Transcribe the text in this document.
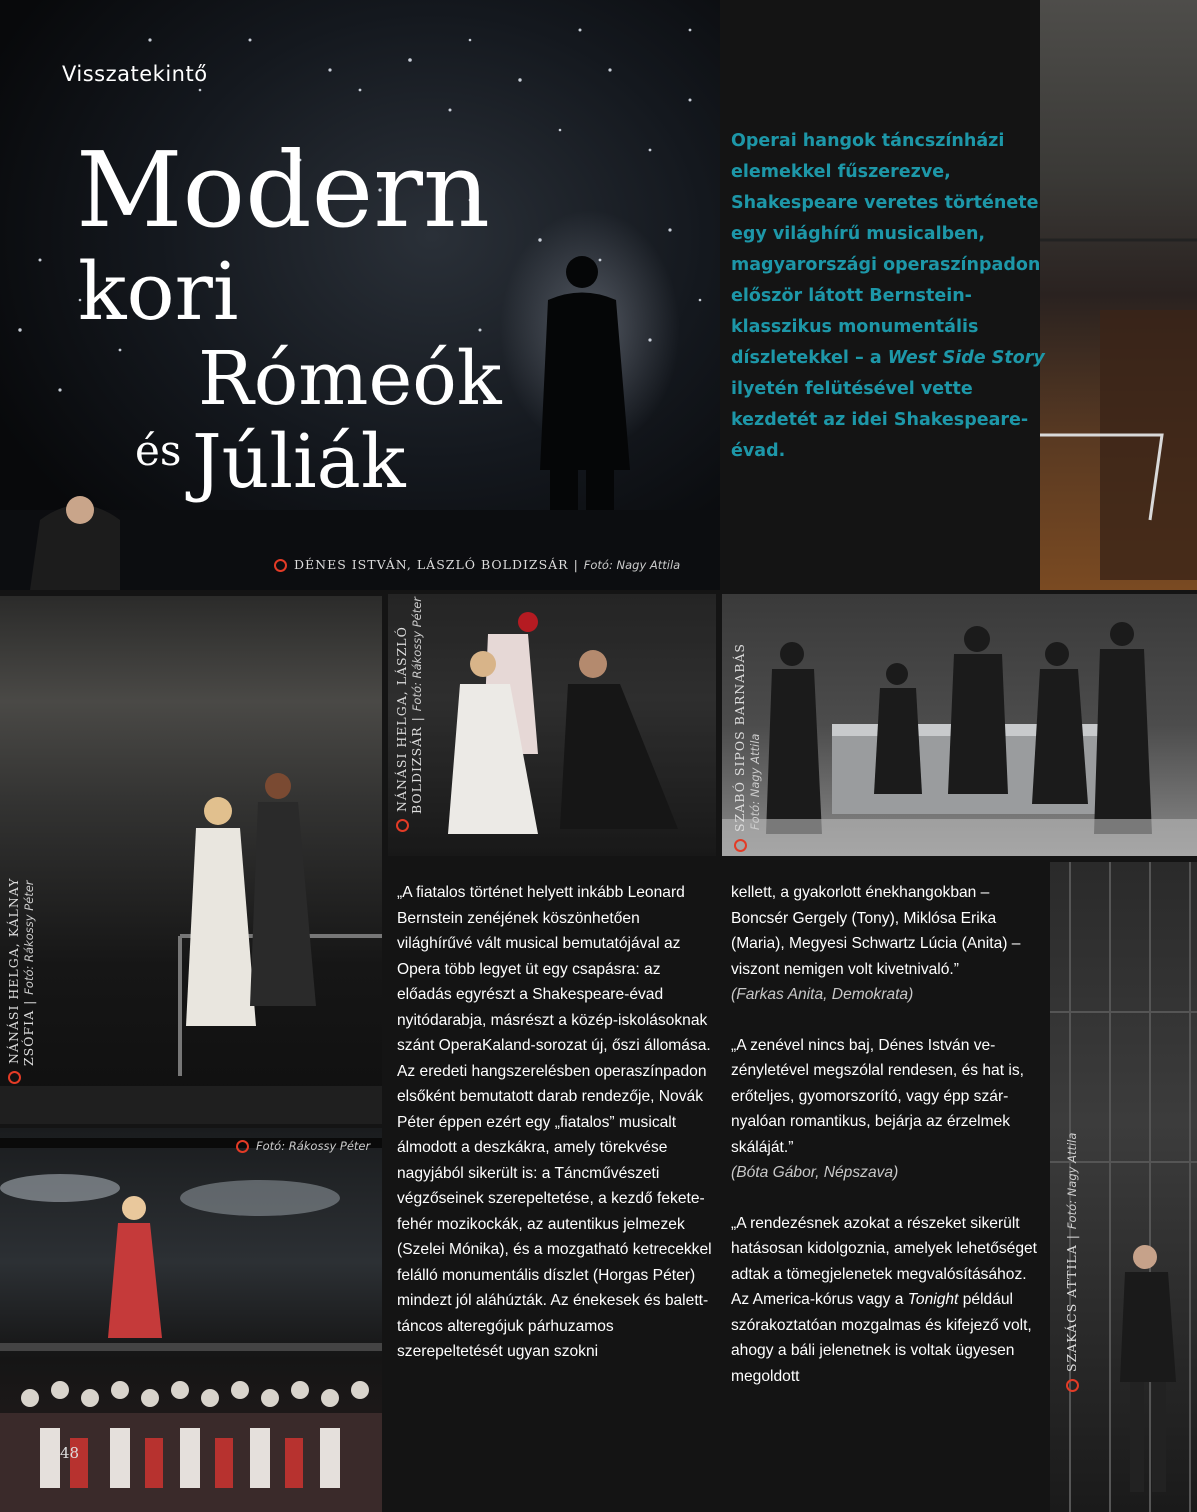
Visszatekintő
Modern
kori
Rómeók
és Júliák
Operai hangok táncszínházi elemekkel fűszerezve, Shakespeare veretes története egy világhírű musicalben, magyarországi operaszínpadon először látott Bernstein-klasszikus monumentális díszletekkel – a West Side Story ilyetén felütésével vette kezdetét az idei Shakespeare-évad.
DÉNES ISTVÁN, LÁSZLÓ BOLDIZSÁR | Fotó: Nagy Attila
NÁNÁSI HELGA, LÁSZLÓ BOLDIZSÁR | Fotó: Rákossy Péter	SZABÓ SIPOS BARNABÁS Fotó: Nagy Attila
NÁNÁSI HELGA, KÁLNAY ZSÓFIA | Fotó: Rákossy Péter
Fotó: Rákossy Péter
SZAKÁCS ATTILA | Fotó: Nagy Attila

„A fiatalos történet helyett inkább Leonard Bernstein zenéjének köszönhetően világhírűvé vált musical bemutatójával az Opera több legyet üt egy csapásra: az előadás egyrészt a Shakespeare-évad nyitódarabja, másrészt a közép-iskolásoknak szánt OperaKaland-sorozat új, őszi állomása. Az eredeti hangszerelésben operaszínpadon elsőként bemutatott darab rendezője, Novák Péter éppen ezért egy „fiatalos” musicalt álmodott a deszkákra, amely törekvése nagyjából sikerült is: a Táncművészeti végzőseinek szerepeltetése, a kezdő fekete-fehér mozikockák, az autentikus jelmezek (Szelei Mónika), és a mozgatható ketrecekkel felálló monumentális díszlet (Horgas Péter) mindezt jól aláhúzták. Az énekesek és balett-táncos alteregójuk párhuzamos szerepeltetését ugyan szokni

kellett, a gyakorlott énekhangokban – Boncsér Gergely (Tony), Miklósa Erika (Maria), Megyesi Schwartz Lúcia (Anita) – viszont nemigen volt kivetnivaló.”

(Farkas Anita, Demokrata)

„A zenével nincs baj, Dénes István ve-zényletével megszólal rendesen, és hat is, erőteljes, gyomorszorító, vagy épp szár-nyalóan romantikus, bejárja az érzelmek skáláját.”

(Bóta Gábor, Népszava)

„A rendezésnek azokat a részeket sikerült hatásosan kidolgoznia, amelyek lehetőséget adtak a tömegjelenetek megvalósításához. Az America-kórus vagy a Tonight például szórakoztatóan mozgalmas és kifejező volt, ahogy a báli jelenetnek is voltak ügyesen megoldott

48
